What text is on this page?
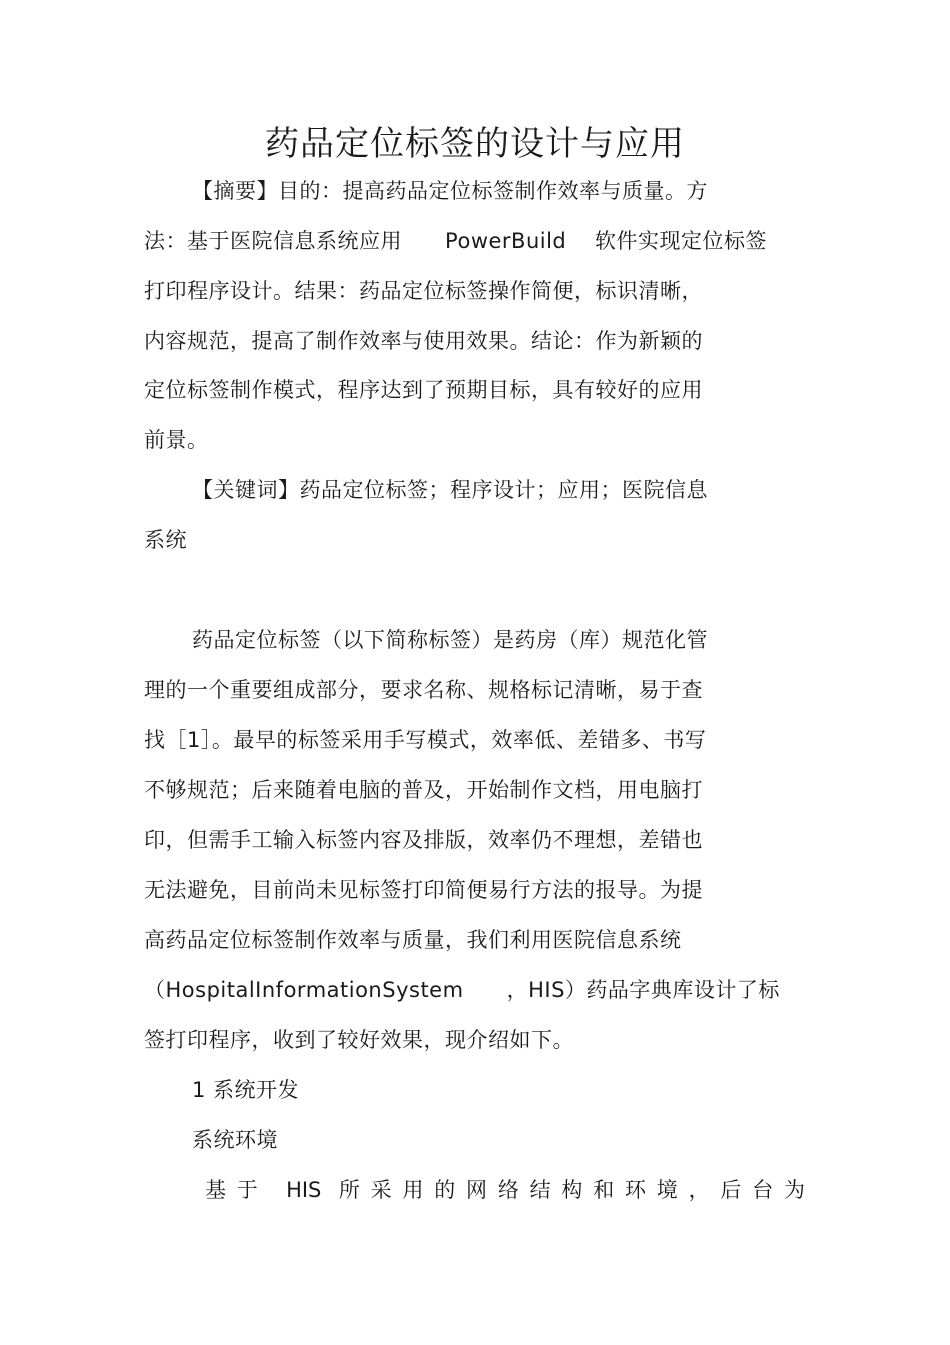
药品定位标签的设计与应用
【摘要】目的：提高药品定位标签制作效率与质量。方
法：基于医院信息系统应用      PowerBuild    软件实现定位标签
打印程序设计。结果：药品定位标签操作简便，标识清晰，
内容规范，提高了制作效率与使用效果。结论：作为新颖的
定位标签制作模式，程序达到了预期目标，具有较好的应用
前景。
【关键词】药品定位标签；程序设计；应用；医院信息
系统
药品定位标签（以下简称标签）是药房（库）规范化管
理的一个重要组成部分，要求名称、规格标记清晰，易于查
找［1］。最早的标签采用手写模式，效率低、差错多、书写
不够规范；后来随着电脑的普及，开始制作文档，用电脑打
印，但需手工输入标签内容及排版，效率仍不理想，差错也
无法避免，目前尚未见标签打印简便易行方法的报导。为提
高药品定位标签制作效率与质量，我们利用医院信息系统
（HospitalInformationSystem      ，HIS）药品字典库设计了标
签打印程序，收到了较好效果，现介绍如下。
1 系统开发
系统环境
基于 HIS 所采用的网络结构和环境，后台为
